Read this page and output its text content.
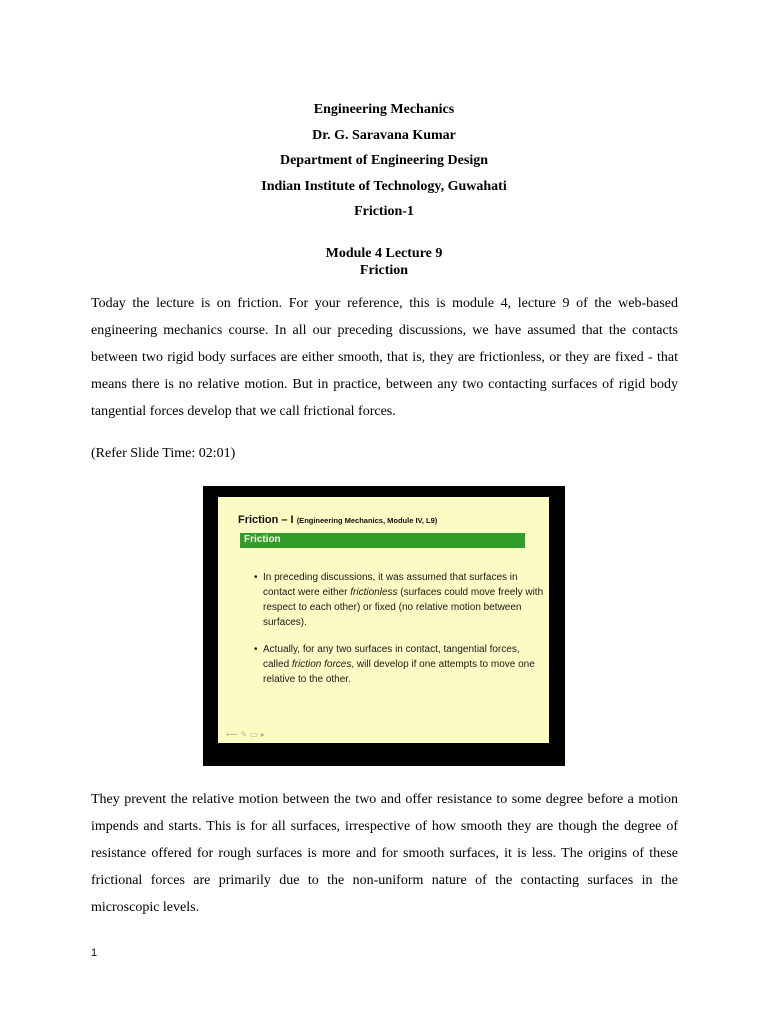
Engineering Mechanics
Dr. G. Saravana Kumar
Department of Engineering Design
Indian Institute of Technology, Guwahati
Friction-1
Module 4 Lecture 9
Friction

Today the lecture is on friction. For your reference, this is module 4, lecture 9 of the web-based engineering mechanics course. In all our preceding discussions, we have assumed that the contacts between two rigid body surfaces are either smooth, that is, they are frictionless, or they are fixed - that means there is no relative motion. But in practice, between any two contacting surfaces of rigid body tangential forces develop that we call frictional forces.

(Refer Slide Time: 02:01)

Friction – I (Engineering Mechanics, Module IV, L9)
Friction
• In preceding discussions, it was assumed that surfaces in contact were either frictionless (surfaces could move freely with respect to each other) or fixed (no relative motion between surfaces).
• Actually, for any two surfaces in contact, tangential forces, called friction forces, will develop if one attempts to move one relative to the other.
⟵✎▭▸

They prevent the relative motion between the two and offer resistance to some degree before a motion impends and starts. This is for all surfaces, irrespective of how smooth they are though the degree of resistance offered for rough surfaces is more and for smooth surfaces, it is less. The origins of these frictional forces are primarily due to the non-uniform nature of the contacting surfaces in the microscopic levels.

1
